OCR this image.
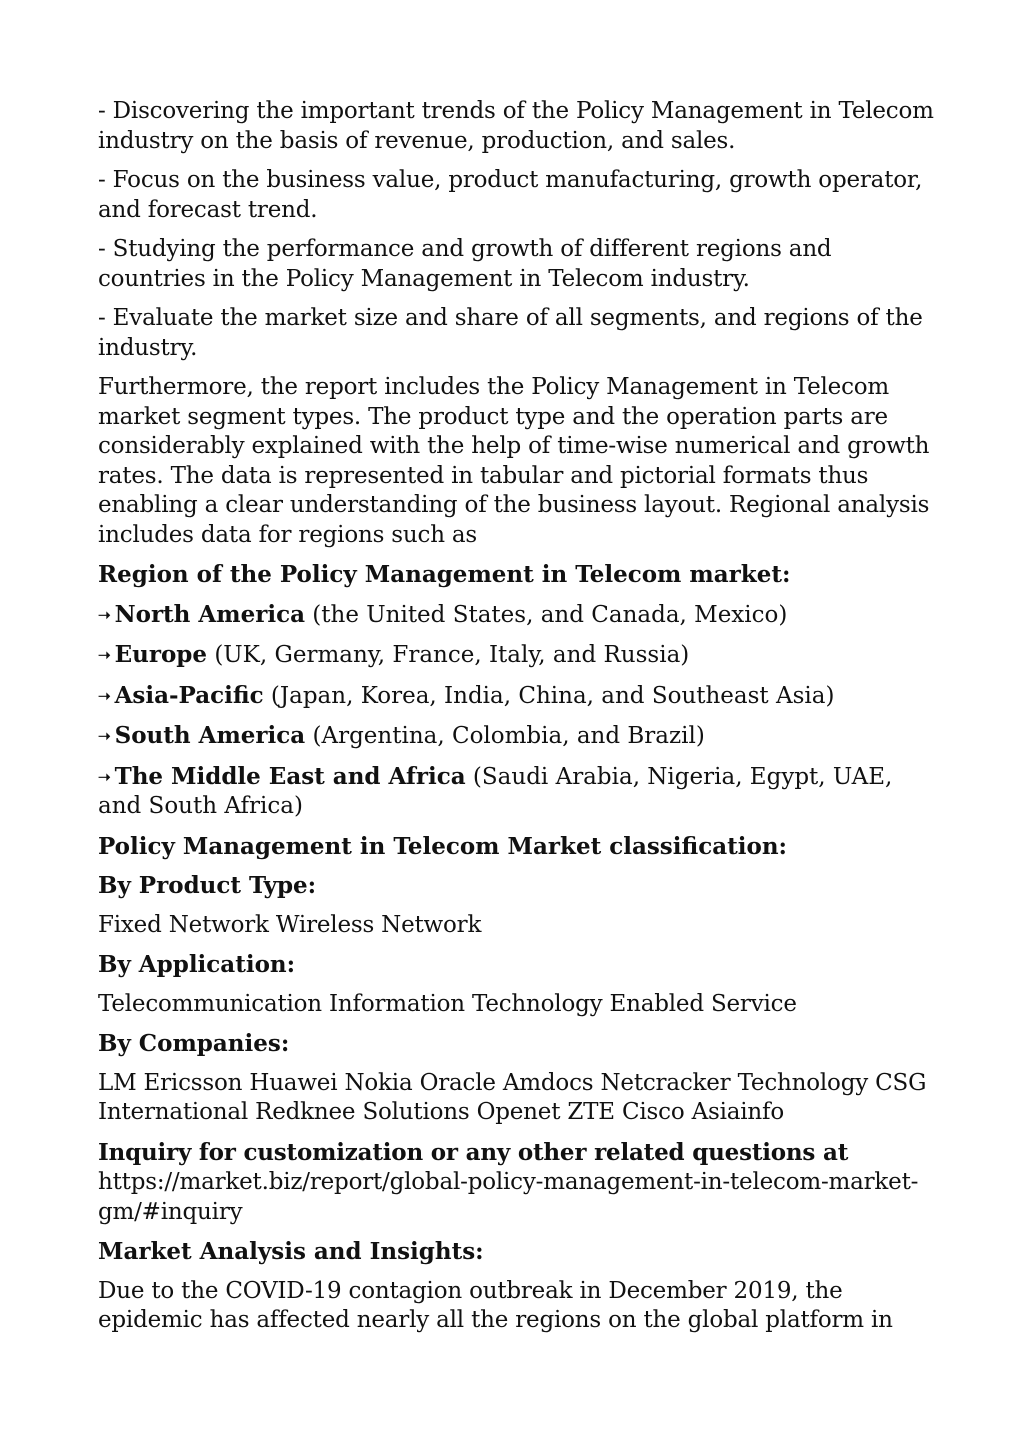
- Discovering the important trends of the Policy Management in Telecom industry on the basis of revenue, production, and sales.

- Focus on the business value, product manufacturing, growth operator, and forecast trend.

- Studying the performance and growth of different regions and countries in the Policy Management in Telecom industry.

- Evaluate the market size and share of all segments, and regions of the industry.

Furthermore, the report includes the Policy Management in Telecom market segment types. The product type and the operation parts are considerably explained with the help of time-wise numerical and growth rates. The data is represented in tabular and pictorial formats thus enabling a clear understanding of the business layout. Regional analysis includes data for regions such as

Region of the Policy Management in Telecom market:

➝ North America (the United States, and Canada, Mexico)

➝ Europe (UK, Germany, France, Italy, and Russia)

➝ Asia-Pacific (Japan, Korea, India, China, and Southeast Asia)

➝ South America (Argentina, Colombia, and Brazil)

➝ The Middle East and Africa (Saudi Arabia, Nigeria, Egypt, UAE, and South Africa)

Policy Management in Telecom Market classification:

By Product Type:

Fixed Network Wireless Network

By Application:

Telecommunication Information Technology Enabled Service

By Companies:

LM Ericsson Huawei Nokia Oracle Amdocs Netcracker Technology CSG International Redknee Solutions Openet ZTE Cisco Asiainfo

Inquiry for customization or any other related questions at https://market.biz/report/global-policy-management-in-telecom-market-gm/#inquiry

Market Analysis and Insights:

Due to the COVID-19 contagion outbreak in December 2019, the epidemic has affected nearly all the regions on the global platform in
